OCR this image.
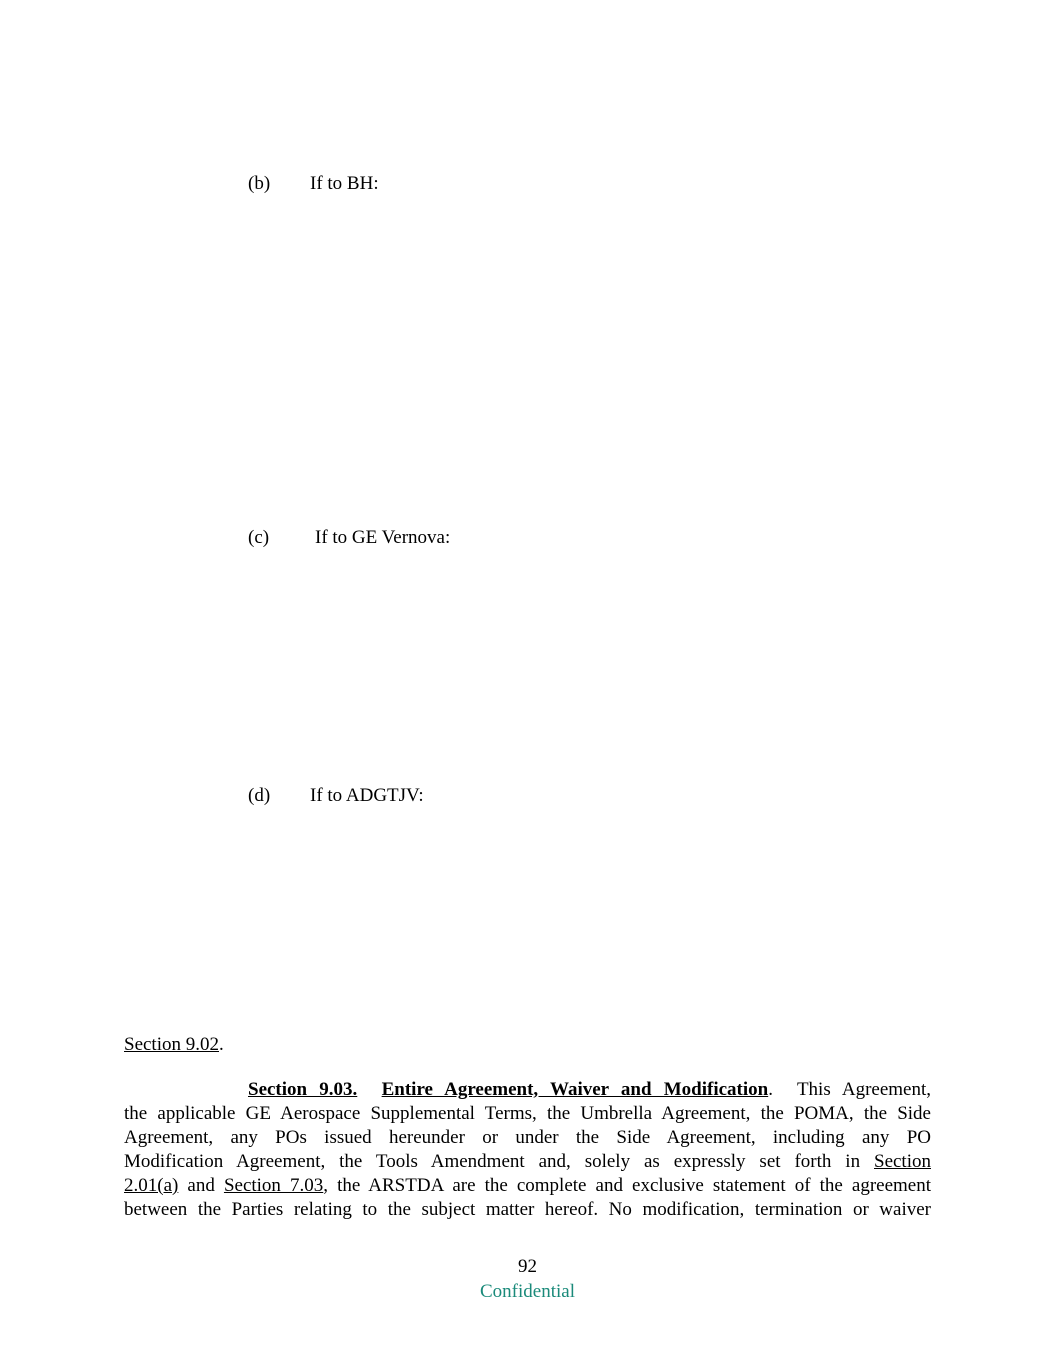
(b) If to BH:
(c) If to GE Vernova:
(d) If to ADGTJV:
Section 9.02.
Section 9.03. Entire Agreement, Waiver and Modification. This Agreement,
the applicable GE Aerospace Supplemental Terms, the Umbrella Agreement, the POMA, the Side
Agreement, any POs issued hereunder or under the Side Agreement, including any PO
Modification Agreement, the Tools Amendment and, solely as expressly set forth in Section
2.01(a) and Section 7.03, the ARSTDA are the complete and exclusive statement of the agreement
between the Parties relating to the subject matter hereof. No modification, termination or waiver
92
Confidential
